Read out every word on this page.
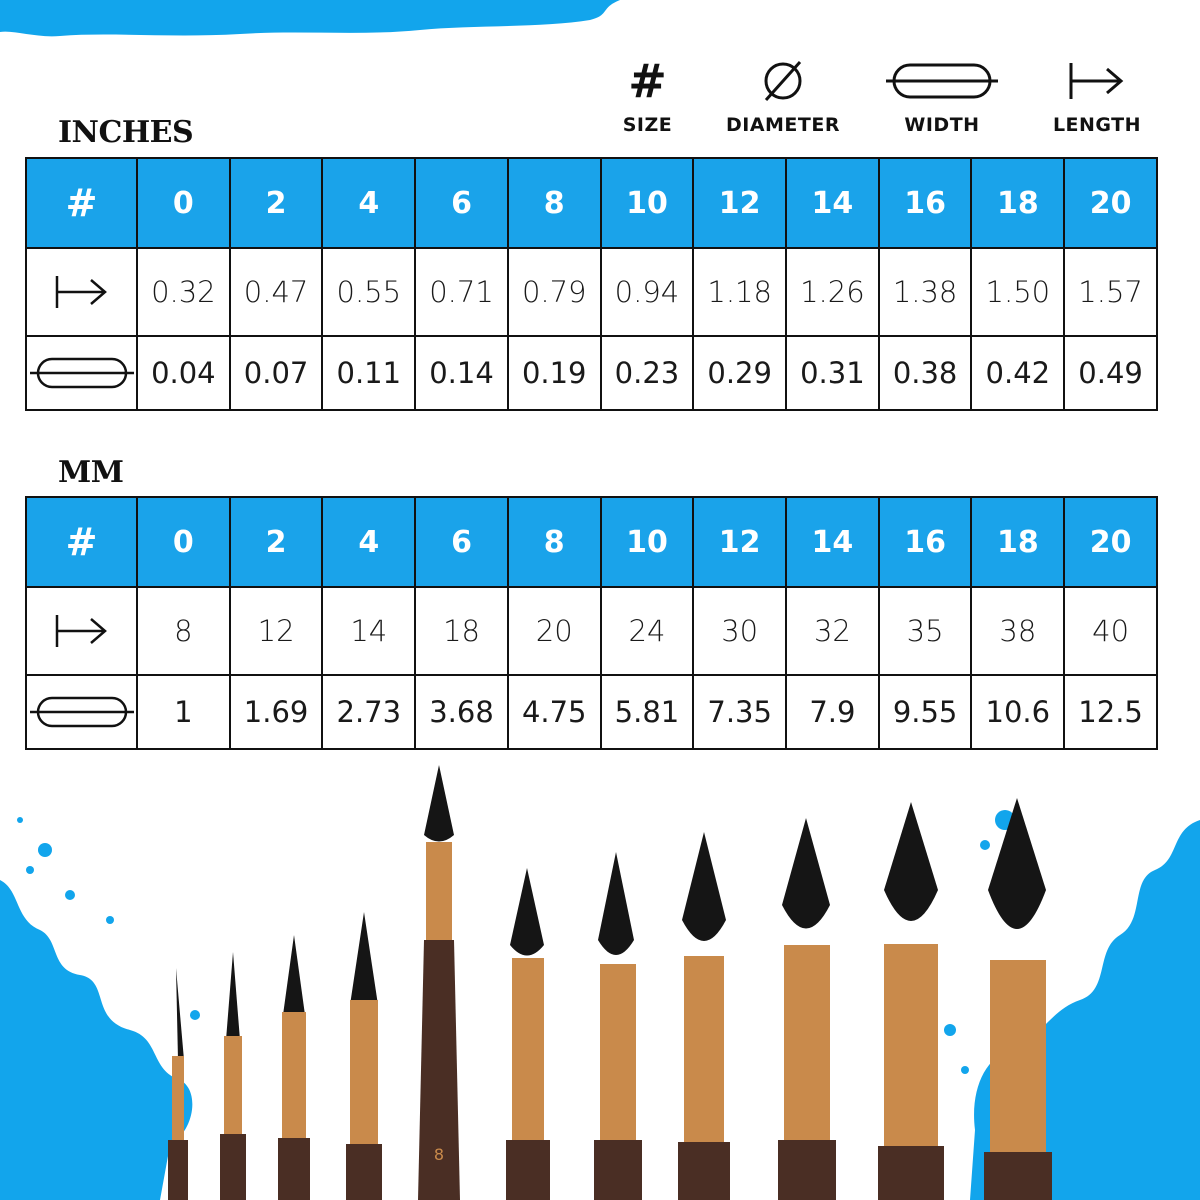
#
SIZE	DIAMETER	WIDTH	LENGTH
INCHES
#	0	2	4	6	8	10	12	14	16	18	20

	0.32	0.47	0.55	0.71	0.79	0.94	1.18	1.26	1.38	1.50	1.57

	0.04	0.07	0.11	0.14	0.19	0.23	0.29	0.31	0.38	0.42	0.49
MM
#	0	2	4	6	8	10	12	14	16	18	20

	8	12	14	18	20	24	30	32	35	38	40

	1	1.69	2.73	3.68	4.75	5.81	7.35	7.9	9.55	10.6	12.5
8
